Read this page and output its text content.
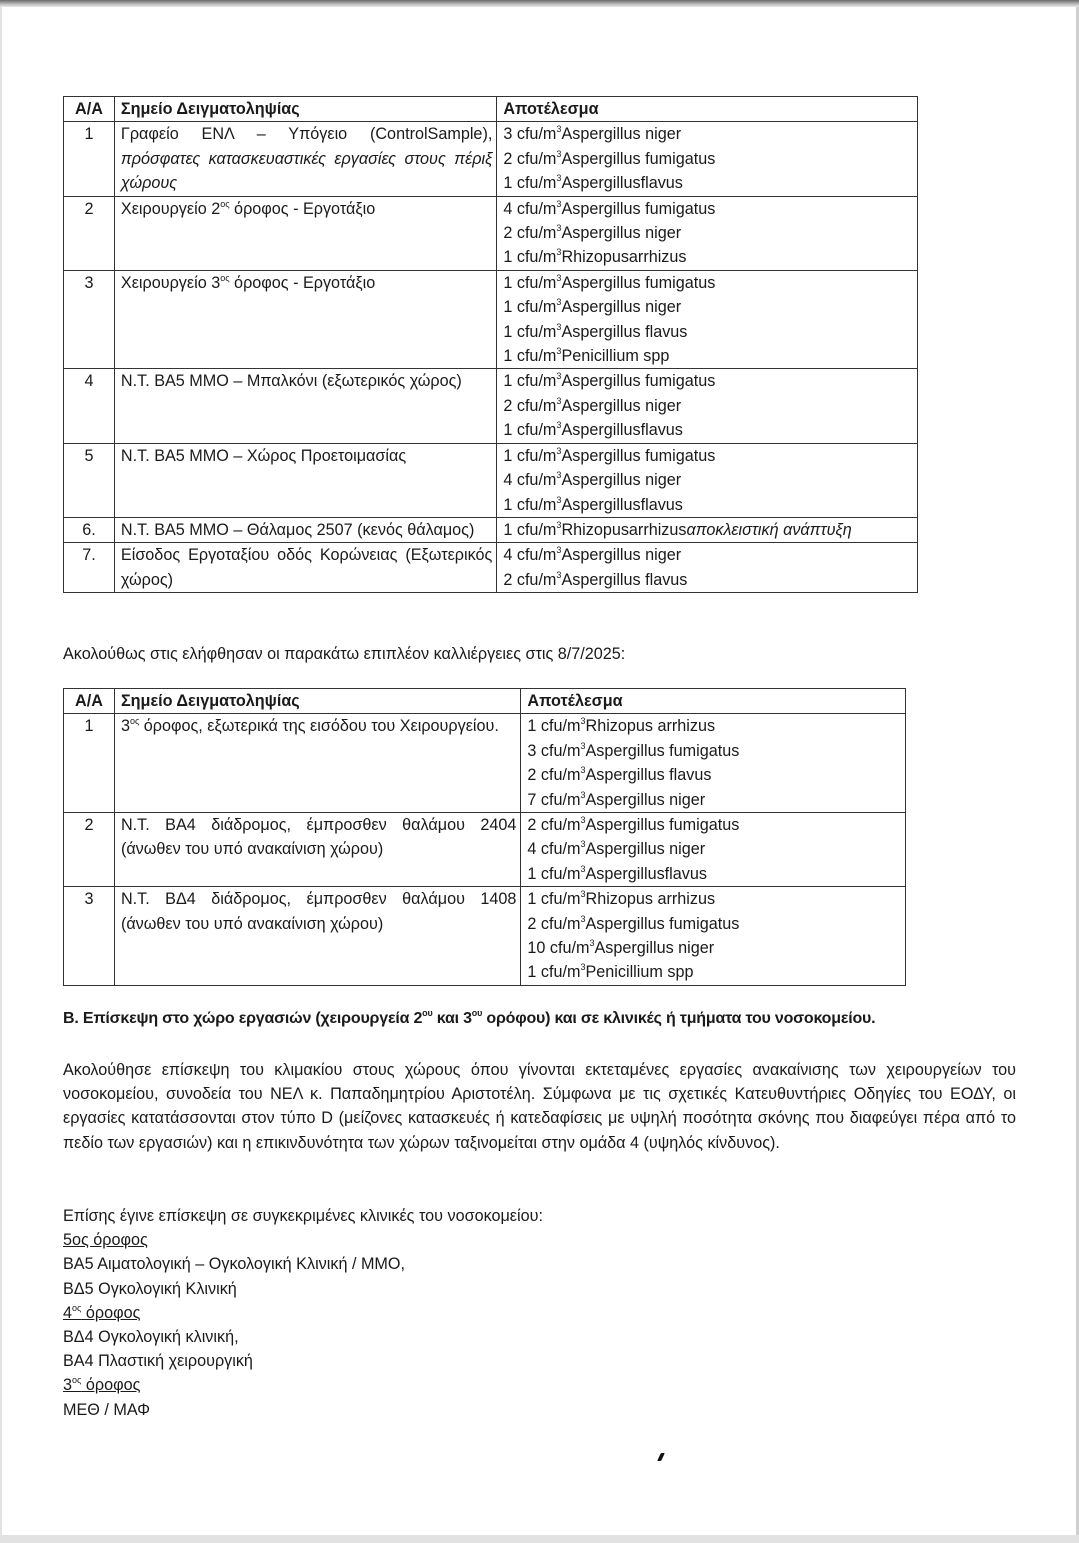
Α/Α	Σημείο Δειγματοληψίας	Αποτέλεσμα
1	Γραφείο ΕΝΛ – Υπόγειο (ControlSample), πρόσφατες κατασκευαστικές εργασίες στους πέριξ χώρους	3 cfu/$m^3Aspergillus$ niger
2 cfu/$m^3Aspergillus$ fumigatus
1 cfu/$m^3Aspergillusflavus$

2	Χειρουργείο $2^{o\varsigma}$ όροφος - Εργοτάξιο	4 cfu/$m^3Aspergillus$ fumigatus
2 cfu/$m^3Aspergillus$ niger
1 cfu/$m^3Rhizopusarrhizus$

3	Χειρουργείο $3^{o\varsigma}$ όροφος - Εργοτάξιο	1 cfu/$m^3Aspergillus$ fumigatus
1 cfu/$m^3Aspergillus$ niger
1 cfu/$m^3Aspergillus$ flavus
1 cfu/$m^3Penicillium$ spp

4	Ν.Τ. ΒΑ5 ΜΜΟ – Μπαλκόνι (εξωτερικός χώρος)	1 cfu/$m^3Aspergillus$ fumigatus
2 cfu/$m^3Aspergillus$ niger
1 cfu/$m^3Aspergillusflavus$

5	Ν.Τ. ΒΑ5 ΜΜΟ – Χώρος Προετοιμασίας	1 cfu/$m^3Aspergillus$ fumigatus
4 cfu/$m^3Aspergillus$ niger
1 cfu/$m^3Aspergillusflavus$

6.	Ν.Τ. ΒΑ5 ΜΜΟ – Θάλαμος 2507 (κενός θάλαμος)	1 cfu/$m^3Rhizopusarrhizus\alpha\pi o\kappa\lambda\varepsilon\iota\sigma\tau\iota\kappa ή$ ανάπτυξη

7.	Είσοδος Εργοταξίου οδός Κορώνειας (Εξωτερικός χώρος)	4 cfu/$m^3Aspergillus$ niger
2 cfu/$m^3Aspergillus$ flavus
Ακολούθως στις ελήφθησαν οι παρακάτω επιπλέον καλλιέργειες στις 8/7/2025:
Α/Α	Σημείο Δειγματοληψίας	Αποτέλεσμα
1	$3^{o\varsigma}$ όροφος, εξωτερικά της εισόδου του Χειρουργείου.	1 cfu/$m^3Rhizopus$ arrhizus
3 cfu/$m^3Aspergillus$ fumigatus
2 cfu/$m^3Aspergillus$ flavus
7 cfu/$m^3Aspergillus$ niger

2	Ν.Τ. ΒΑ4 διάδρομος, έμπροσθεν θαλάμου 2404 (άνωθεν του υπό ανακαίνιση χώρου)	2 cfu/$m^3Aspergillus$ fumigatus
4 cfu/$m^3Aspergillus$ niger
1 cfu/$m^3Aspergillusflavus$

3	Ν.Τ. ΒΔ4 διάδρομος, έμπροσθεν θαλάμου 1408 (άνωθεν του υπό ανακαίνιση χώρου)	1 cfu/$m^3Rhizopus$ arrhizus
2 cfu/$m^3Aspergillus$ fumigatus
10 cfu/$m^3Aspergillus$ niger
1 cfu/$m^3Penicillium$ spp
Β. Επίσκεψη στο χώρο εργασιών (χειρουργεία $2^{o\upsilon}$ και $3^{o\upsilon}$ ορόφου) και σε κλινικές ή τμήματα του νοσοκομείου.
Ακολούθησε επίσκεψη του κλιμακίου στους χώρους όπου γίνονται εκτεταμένες εργασίες ανακαίνισης των χειρουργείων του νοσοκομείου, συνοδεία του ΝΕΛ κ. Παπαδημητρίου Αριστοτέλη. Σύμφωνα με τις σχετικές Κατευθυντήριες Οδηγίες του ΕΟΔΥ, οι εργασίες κατατάσσονται στον τύπο D (μείζονες κατασκευές ή κατεδαφίσεις με υψηλή ποσότητα σκόνης που διαφεύγει πέρα από το πεδίο των εργασιών) και η επικινδυνότητα των χώρων ταξινομείται στην ομάδα 4 (υψηλός κίνδυνος).
Επίσης έγινε επίσκεψη σε συγκεκριμένες κλινικές του νοσοκομείου:
5ος όροφος
ΒΑ5 Αιματολογική – Ογκολογική Κλινική / ΜΜΟ,
ΒΔ5 Ογκολογική Κλινική
$4^{o\varsigma}$ όροφος
ΒΔ4 Ογκολογική κλινική,
ΒΑ4 Πλαστική χειρουργική
$3^{o\varsigma}$ όροφος
ΜΕΘ / ΜΑΦ
